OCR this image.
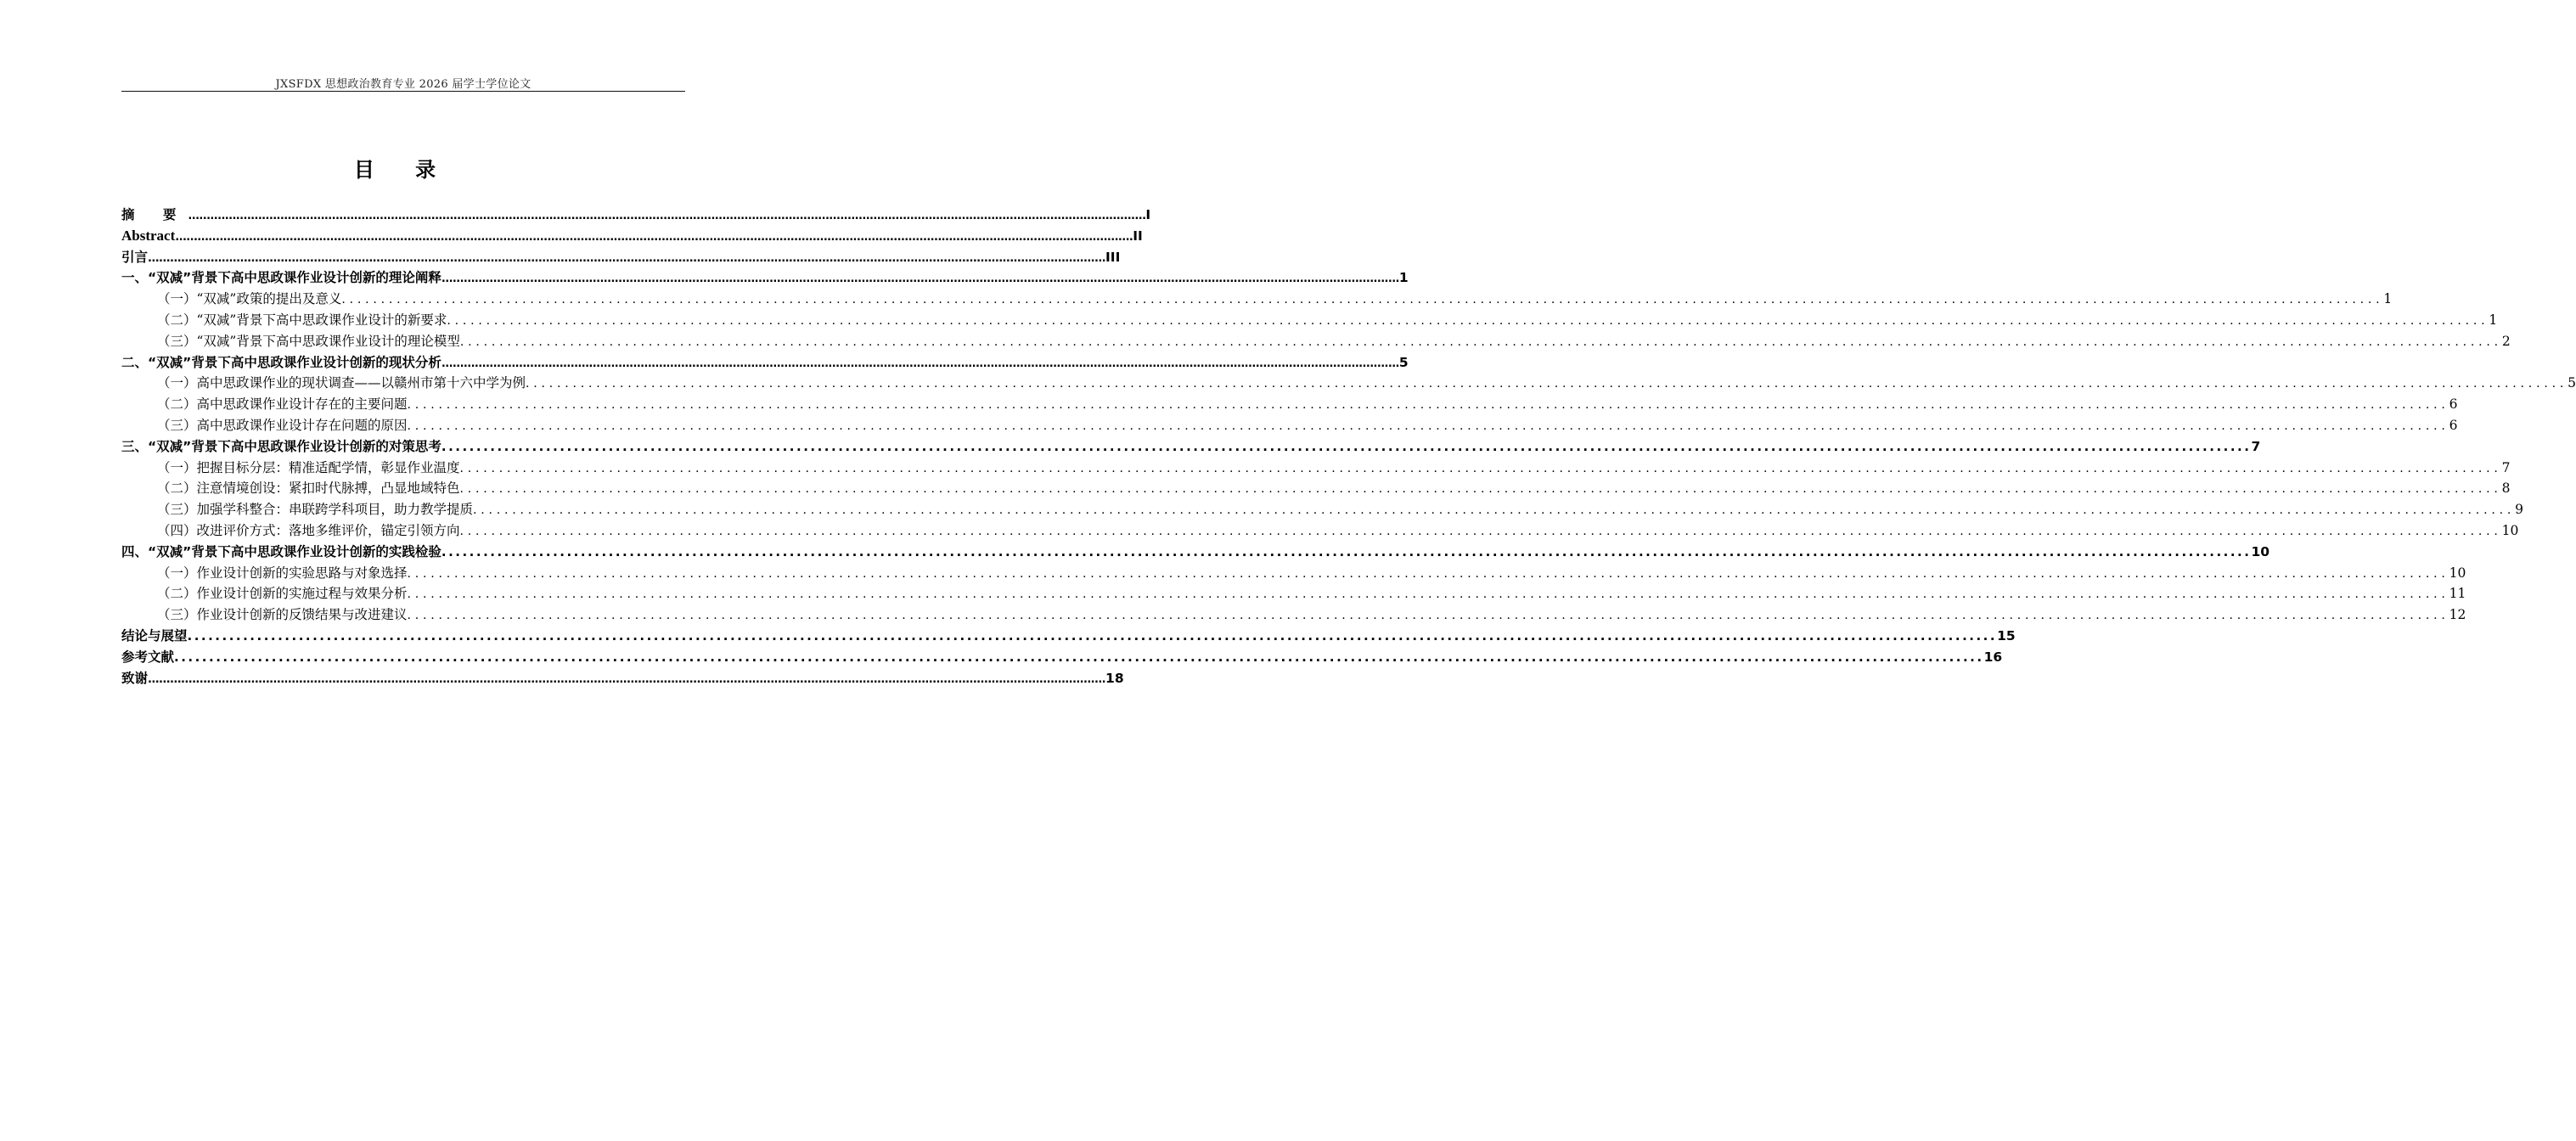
JXSFDX 思想政治教育专业 2026 届学士学位论文
目 录
摘 要 .................................................................................................................................................................................................................................................................... I
Abstract .................................................................................................................................................................................................................................................................... II
引言 .................................................................................................................................................................................................................................................................... III
一、“双减”背景下高中思政课作业设计创新的理论阐释 .................................................................................................................................................................................................................................................................... 1
（一）“双减”政策的提出及意义 .................................................................................................................................................................................................................................................................... 1
（二）“双减”背景下高中思政课作业设计的新要求 .................................................................................................................................................................................................................................................................... 1
（三）“双减”背景下高中思政课作业设计的理论模型 .................................................................................................................................................................................................................................................................... 2
二、“双减”背景下高中思政课作业设计创新的现状分析 .................................................................................................................................................................................................................................................................... 5
（一）高中思政课作业的现状调查——以赣州市第十六中学为例 .................................................................................................................................................................................................................................................................... 5
（二）高中思政课作业设计存在的主要问题 .................................................................................................................................................................................................................................................................... 6
（三）高中思政课作业设计存在问题的原因 .................................................................................................................................................................................................................................................................... 6
三、“双减”背景下高中思政课作业设计创新的对策思考 .................................................................................................................................................................................................................................................................... 7
（一）把握目标分层：精准适配学情，彰显作业温度 .................................................................................................................................................................................................................................................................... 7
（二）注意情境创设：紧扣时代脉搏，凸显地域特色 .................................................................................................................................................................................................................................................................... 8
（三）加强学科整合：串联跨学科项目，助力教学提质 .................................................................................................................................................................................................................................................................... 9
（四）改进评价方式：落地多维评价，锚定引领方向 .................................................................................................................................................................................................................................................................... 10
四、“双减”背景下高中思政课作业设计创新的实践检验 .................................................................................................................................................................................................................................................................... 10
（一）作业设计创新的实验思路与对象选择 .................................................................................................................................................................................................................................................................... 10
（二）作业设计创新的实施过程与效果分析 .................................................................................................................................................................................................................................................................... 11
（三）作业设计创新的反馈结果与改进建议 .................................................................................................................................................................................................................................................................... 12
结论与展望 .................................................................................................................................................................................................................................................................... 15
参考文献 .................................................................................................................................................................................................................................................................... 16
致谢 .................................................................................................................................................................................................................................................................... 18
